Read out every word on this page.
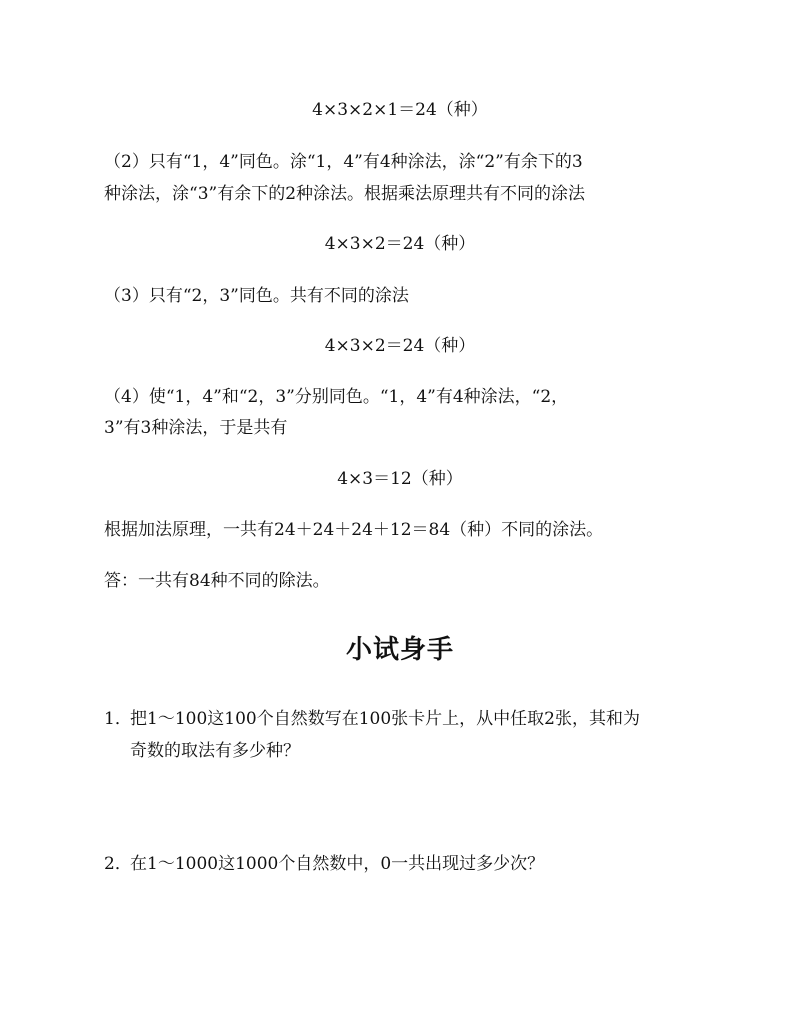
4×3×2×1＝24（种）
（2）只有“1，4”同色。涂“1，4”有4种涂法，涂“2”有余下的3
种涂法，涂“3”有余下的2种涂法。根据乘法原理共有不同的涂法
4×3×2＝24（种）
（3）只有“2，3”同色。共有不同的涂法
4×3×2＝24（种）
（4）使“1，4”和“2，3”分别同色。“1，4”有4种涂法，“2，
3”有3种涂法，于是共有
4×3＝12（种）
根据加法原理，一共有24＋24＋24＋12＝84（种）不同的涂法。
答：一共有84种不同的除法。
小试身手
1．
把1～100这100个自然数写在100张卡片上，从中任取2张，其和为
奇数的取法有多少种？
2．
在1～1000这1000个自然数中，0一共出现过多少次？
